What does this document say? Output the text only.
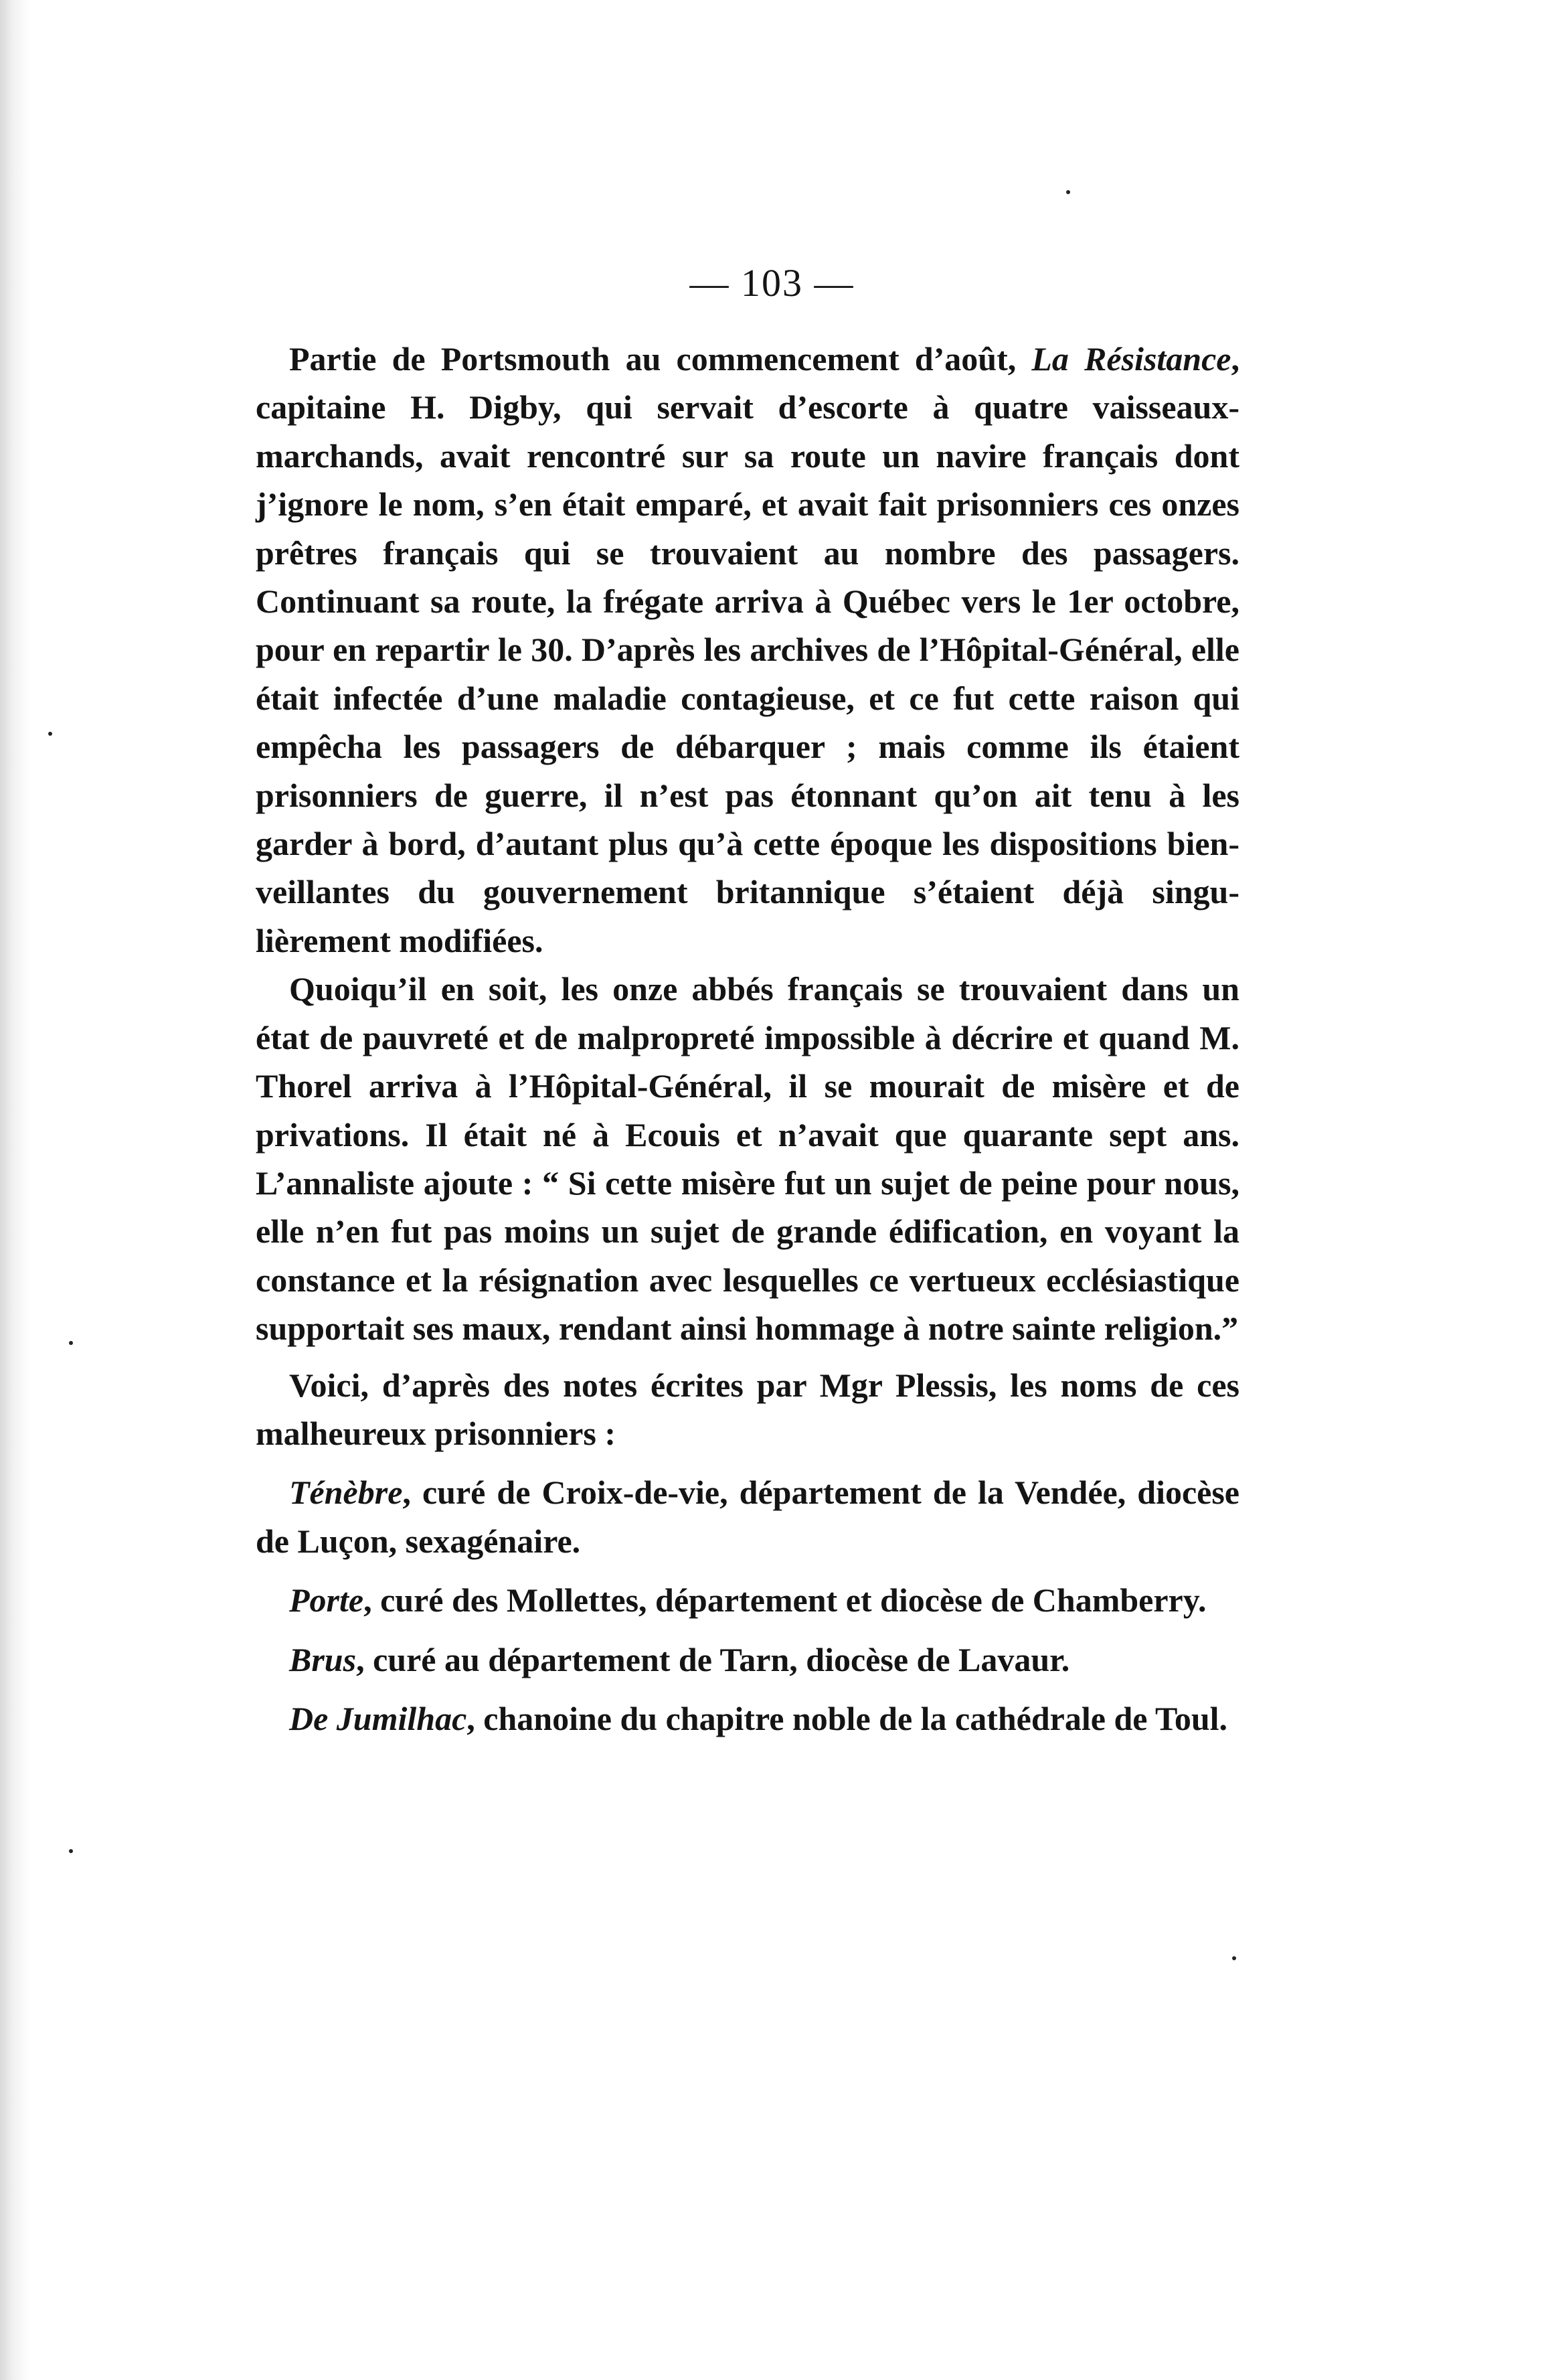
— 103 —

Partie de Portsmouth au commencement d’août, La Résistance, capitaine H. Digby, qui servait d’escorte à quatre vaisseaux-marchands, avait rencontré sur sa route un navire français dont j’ignore le nom, s’en était emparé, et avait fait prisonniers ces onzes prêtres français qui se trouvaient au nombre des passagers. Continuant sa route, la frégate arriva à Québec vers le 1er octobre, pour en repartir le 30. D’après les archives de l’Hôpital-Général, elle était infectée d’une maladie contagieuse, et ce fut cette raison qui empêcha les passagers de débarquer ; mais comme ils étaient prisonniers de guerre, il n’est pas étonnant qu’on ait tenu à les garder à bord, d’autant plus qu’à cette époque les dispositions bienveillantes du gouvernement britannique s’étaient déjà singulièrement modifiées.

Quoiqu’il en soit, les onze abbés français se trouvaient dans un état de pauvreté et de malpropreté impossible à décrire et quand M. Thorel arriva à l’Hôpital-Général, il se mourait de misère et de privations. Il était né à Ecouis et n’avait que quarante sept ans. L’annaliste ajoute : “ Si cette misère fut un sujet de peine pour nous, elle n’en fut pas moins un sujet de grande édification, en voyant la constance et la résignation avec lesquelles ce vertueux ecclésiastique supportait ses maux, rendant ainsi hommage à notre sainte religion.”

Voici, d’après des notes écrites par Mgr Plessis, les noms de ces malheureux prisonniers :

Ténèbre, curé de Croix-de-vie, département de la Vendée, diocèse de Luçon, sexagénaire.

Porte, curé des Mollettes, département et diocèse de Chamberry.

Brus, curé au département de Tarn, diocèse de Lavaur.

De Jumilhac, chanoine du chapitre noble de la cathédrale de Toul.
